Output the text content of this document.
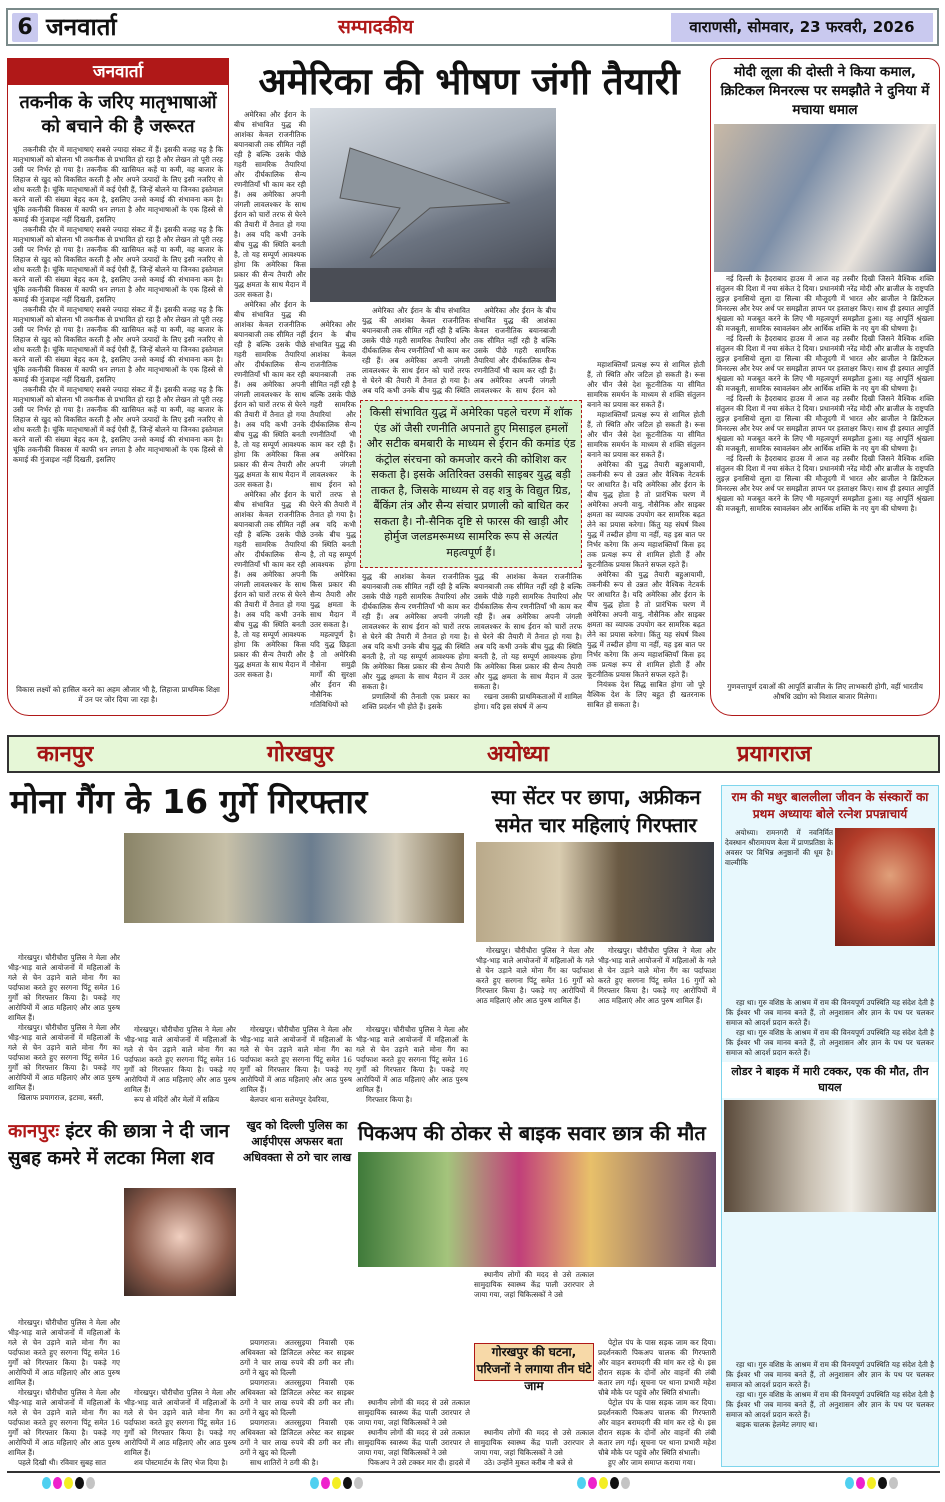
6 जनवार्ता	सम्पादकीय	वाराणसी, सोमवार, 23 फरवरी, 2026
जनवार्ता
तकनीक के जरिए मातृभाषाओं को बचाने की है जरूरत

तकनीकी दौर में मातृभाषाएं सबसे ज्यादा संकट में हैं। इसकी वजह यह है कि मातृभाषाओं को बोलना भी तकनीक से प्रभावित हो रहा है और लेखन तो पूरी तरह उसी पर निर्भर हो गया है। तकनीक की खासियत कहें या कमी, वह बाजार के लिहाज से खुद को विकसित करती है और अपने उत्पादों के लिए इसी नजरिए से शोध करती है। चूंकि मातृभाषाओं में कई ऐसी हैं, जिन्हें बोलने या जिनका इस्तेमाल करने वालों की संख्या बेहद कम है, इसलिए उनसे कमाई की संभावना कम है। चूंकि तकनीकी विकास में काफी धन लगता है और मातृभाषाओं के एक हिस्से से कमाई की गुंजाइश नहीं दिखती, इसलिए

तकनीकी दौर में मातृभाषाएं सबसे ज्यादा संकट में हैं। इसकी वजह यह है कि मातृभाषाओं को बोलना भी तकनीक से प्रभावित हो रहा है और लेखन तो पूरी तरह उसी पर निर्भर हो गया है। तकनीक की खासियत कहें या कमी, वह बाजार के लिहाज से खुद को विकसित करती है और अपने उत्पादों के लिए इसी नजरिए से शोध करती है। चूंकि मातृभाषाओं में कई ऐसी हैं, जिन्हें बोलने या जिनका इस्तेमाल करने वालों की संख्या बेहद कम है, इसलिए उनसे कमाई की संभावना कम है। चूंकि तकनीकी विकास में काफी धन लगता है और मातृभाषाओं के एक हिस्से से कमाई की गुंजाइश नहीं दिखती, इसलिए

तकनीकी दौर में मातृभाषाएं सबसे ज्यादा संकट में हैं। इसकी वजह यह है कि मातृभाषाओं को बोलना भी तकनीक से प्रभावित हो रहा है और लेखन तो पूरी तरह उसी पर निर्भर हो गया है। तकनीक की खासियत कहें या कमी, वह बाजार के लिहाज से खुद को विकसित करती है और अपने उत्पादों के लिए इसी नजरिए से शोध करती है। चूंकि मातृभाषाओं में कई ऐसी हैं, जिन्हें बोलने या जिनका इस्तेमाल करने वालों की संख्या बेहद कम है, इसलिए उनसे कमाई की संभावना कम है। चूंकि तकनीकी विकास में काफी धन लगता है और मातृभाषाओं के एक हिस्से से कमाई की गुंजाइश नहीं दिखती, इसलिए

तकनीकी दौर में मातृभाषाएं सबसे ज्यादा संकट में हैं। इसकी वजह यह है कि मातृभाषाओं को बोलना भी तकनीक से प्रभावित हो रहा है और लेखन तो पूरी तरह उसी पर निर्भर हो गया है। तकनीक की खासियत कहें या कमी, वह बाजार के लिहाज से खुद को विकसित करती है और अपने उत्पादों के लिए इसी नजरिए से शोध करती है। चूंकि मातृभाषाओं में कई ऐसी हैं, जिन्हें बोलने या जिनका इस्तेमाल करने वालों की संख्या बेहद कम है, इसलिए उनसे कमाई की संभावना कम है। चूंकि तकनीकी विकास में काफी धन लगता है और मातृभाषाओं के एक हिस्से से कमाई की गुंजाइश नहीं दिखती, इसलिए

विकास लक्ष्यों को हासिल करने का अहम औजार भी है, लिहाजा प्राथमिक शिक्षा में उन पर जोर दिया जा रहा है।
अमेरिका की भीषण जंगी तैयारी

अमेरिका और ईरान के बीच संभावित युद्ध की आशंका केवल राजनीतिक बयानबाजी तक सीमित नहीं रही है बल्कि उसके पीछे गहरी सामरिक तैयारियां और दीर्घकालिक सैन्य रणनीतियाँ भी काम कर रही हैं। अब अमेरिका अपनी जंगली लावलश्कर के साथ ईरान को चारों तरफ से घेरने की तैयारी में तैनात हो गया है। अब यदि कभी उनके बीच युद्ध की स्थिति बनती है, तो यह सम्पूर्ण आवश्यक होगा कि अमेरिका किस प्रकार की सैन्य तैयारी और युद्ध क्षमता के साथ मैदान में उतर सकता है।

अमेरिका और ईरान के बीच संभावित युद्ध की आशंका केवल राजनीतिक बयानबाजी तक सीमित नहीं रही है बल्कि उसके पीछे गहरी सामरिक तैयारियां और दीर्घकालिक सैन्य रणनीतियाँ भी काम कर रही हैं। अब अमेरिका अपनी जंगली लावलश्कर के साथ ईरान को चारों तरफ से घेरने की तैयारी में तैनात हो गया है। अब यदि कभी उनके बीच युद्ध की स्थिति बनती है, तो यह सम्पूर्ण आवश्यक होगा कि अमेरिका किस प्रकार की सैन्य तैयारी और युद्ध क्षमता के साथ मैदान में उतर सकता है।

अमेरिका और ईरान के बीच संभावित युद्ध की आशंका केवल राजनीतिक बयानबाजी तक सीमित नहीं रही है बल्कि उसके पीछे गहरी सामरिक तैयारियां और दीर्घकालिक सैन्य रणनीतियाँ भी काम कर रही हैं। अब अमेरिका अपनी जंगली लावलश्कर के साथ ईरान को चारों तरफ से घेरने की तैयारी में तैनात हो गया है। अब यदि कभी उनके बीच युद्ध की स्थिति बनती है, तो यह सम्पूर्ण आवश्यक होगा कि अमेरिका किस प्रकार की सैन्य तैयारी और युद्ध क्षमता के साथ मैदान में उतर सकता है।

अमेरिका और ईरान के बीच संभावित युद्ध की आशंका केवल राजनीतिक बयानबाजी तक सीमित नहीं रही है बल्कि उसके पीछे गहरी सामरिक तैयारियां और दीर्घकालिक सैन्य रणनीतियाँ भी काम कर रही हैं। अब अमेरिका अपनी जंगली लावलश्कर के साथ ईरान को चारों तरफ से घेरने की तैयारी में तैनात हो गया है। अब यदि कभी उनके बीच युद्ध की स्थिति बनती है, तो यह सम्पूर्ण आवश्यक होगा कि अमेरिका किस प्रकार की सैन्य तैयारी और युद्ध क्षमता के साथ मैदान में उतर सकता है।

महत्वपूर्ण है। यदि युद्ध छिड़ता है तो अमेरिकी नौसेना समुद्री मार्गों की सुरक्षा और ईरान की नौसैनिक गतिविधियों को

अमेरिका और ईरान के बीच संभावित युद्ध की आशंका केवल राजनीतिक बयानबाजी तक सीमित नहीं रही है बल्कि उसके पीछे गहरी सामरिक तैयारियां और दीर्घकालिक सैन्य रणनीतियाँ भी काम कर रही हैं। अब अमेरिका अपनी जंगली लावलश्कर के साथ ईरान को चारों तरफ से घेरने की तैयारी में तैनात हो गया है। अब यदि कभी उनके बीच युद्ध की स्थिति

अमेरिका और ईरान के बीच संभावित युद्ध की आशंका केवल राजनीतिक बयानबाजी तक सीमित नहीं रही है बल्कि उसके पीछे गहरी सामरिक तैयारियां और दीर्घकालिक सैन्य रणनीतियाँ भी काम कर रही हैं। अब अमेरिका अपनी जंगली लावलश्कर के साथ ईरान को

किसी संभावित युद्ध में अमेरिका पहले चरण में शॉक एंड ऑ जैसी रणनीति अपनाते हुए मिसाइल हमलों और सटीक बमबारी के माध्यम से ईरान की कमांड एंड कंट्रोल संरचना को कमजोर करने की कोशिश कर सकता है। इसके अतिरिक्त उसकी साइबर युद्ध बड़ी ताकत है, जिसके माध्यम से वह शत्रु के विद्युत ग्रिड, बैंकिंग तंत्र और सैन्य संचार प्रणाली को बाधित कर सकता है। नौ-सैनिक दृष्टि से फारस की खाड़ी और होर्मुज जलडमरूमध्य सामरिक रूप से अत्यंत महत्वपूर्ण हैं।

युद्ध की आशंका केवल राजनीतिक बयानबाजी तक सीमित नहीं रही है बल्कि उसके पीछे गहरी सामरिक तैयारियां और दीर्घकालिक सैन्य रणनीतियाँ भी काम कर रही हैं। अब अमेरिका अपनी जंगली लावलश्कर के साथ ईरान को चारों तरफ से घेरने की तैयारी में तैनात हो गया है। अब यदि कभी उनके बीच युद्ध की स्थिति बनती है, तो यह सम्पूर्ण आवश्यक होगा कि अमेरिका किस प्रकार की सैन्य तैयारी और युद्ध क्षमता के साथ मैदान में उतर सकता है।

प्रणालियों की तैनाती एक प्रकार का शक्ति प्रदर्शन भी होते हैं। इसके

युद्ध की आशंका केवल राजनीतिक बयानबाजी तक सीमित नहीं रही है बल्कि उसके पीछे गहरी सामरिक तैयारियां और दीर्घकालिक सैन्य रणनीतियाँ भी काम कर रही हैं। अब अमेरिका अपनी जंगली लावलश्कर के साथ ईरान को चारों तरफ से घेरने की तैयारी में तैनात हो गया है। अब यदि कभी उनके बीच युद्ध की स्थिति बनती है, तो यह सम्पूर्ण आवश्यक होगा कि अमेरिका किस प्रकार की सैन्य तैयारी और युद्ध क्षमता के साथ मैदान में उतर सकता है।

रखना उसकी प्राथमिकताओं में शामिल होगा। यदि इस संघर्ष में अन्य

महाशक्तियाँ प्रत्यक्ष रूप से शामिल होती हैं, तो स्थिति और जटिल हो सकती है। रूस और चीन जैसे देश कूटनीतिक या सीमित सामरिक समर्थन के माध्यम से शक्ति संतुलन बनाने का प्रयास कर सकते हैं।

महाशक्तियाँ प्रत्यक्ष रूप से शामिल होती हैं, तो स्थिति और जटिल हो सकती है। रूस और चीन जैसे देश कूटनीतिक या सीमित सामरिक समर्थन के माध्यम से शक्ति संतुलन बनाने का प्रयास कर सकते हैं।

अमेरिका की युद्ध तैयारी बहुआयामी, तकनीकी रूप से उन्नत और वैश्विक नेटवर्क पर आधारित है। यदि अमेरिका और ईरान के बीच युद्ध होता है तो प्रारंभिक चरण में अमेरिका अपनी वायु, नौसैनिक और साइबर क्षमता का व्यापक उपयोग कर सामरिक बढ़त लेने का प्रयास करेगा। किंतु यह संघर्ष विश्व युद्ध में तब्दील होगा या नहीं, यह इस बात पर निर्भर करेगा कि अन्य महाशक्तियाँ किस हद तक प्रत्यक्ष रूप से शामिल होती हैं और कूटनीतिक प्रयास कितने सफल रहते हैं।

अमेरिका की युद्ध तैयारी बहुआयामी, तकनीकी रूप से उन्नत और वैश्विक नेटवर्क पर आधारित है। यदि अमेरिका और ईरान के बीच युद्ध होता है तो प्रारंभिक चरण में अमेरिका अपनी वायु, नौसैनिक और साइबर क्षमता का व्यापक उपयोग कर सामरिक बढ़त लेने का प्रयास करेगा। किंतु यह संघर्ष विश्व युद्ध में तब्दील होगा या नहीं, यह इस बात पर निर्भर करेगा कि अन्य महाशक्तियाँ किस हद तक प्रत्यक्ष रूप से शामिल होती हैं और कूटनीतिक प्रयास कितने सफल रहते हैं।

नियंत्रक देश सिद्ध साबित होगा जो पूरे वैश्विक देश के लिए बहुत ही खतरनाक साबित हो सकता है।

मोदी लूला की दोस्ती ने किया कमाल, क्रिटिकल मिनरल्स पर समझौते ने दुनिया में मचाया धमाल

नई दिल्ली के हैदराबाद हाउस में आज वह तस्वीर दिखी जिसने वैश्विक शक्ति संतुलन की दिशा में नया संकेत दे दिया। प्रधानमंत्री नरेंद्र मोदी और ब्राजील के राष्ट्रपति लुइज़ इनासियो लूला दा सिल्वा की मौजूदगी में भारत और ब्राजील ने क्रिटिकल मिनरल्स और रेयर अर्थ पर समझौता ज्ञापन पर हस्ताक्षर किए। साथ ही इस्पात आपूर्ति श्रृंखला को मजबूत करने के लिए भी महत्वपूर्ण समझौता हुआ। यह आपूर्ति श्रृंखला की मजबूती, सामरिक स्वावलंबन और आर्थिक शक्ति के नए युग की घोषणा है।

नई दिल्ली के हैदराबाद हाउस में आज वह तस्वीर दिखी जिसने वैश्विक शक्ति संतुलन की दिशा में नया संकेत दे दिया। प्रधानमंत्री नरेंद्र मोदी और ब्राजील के राष्ट्रपति लुइज़ इनासियो लूला दा सिल्वा की मौजूदगी में भारत और ब्राजील ने क्रिटिकल मिनरल्स और रेयर अर्थ पर समझौता ज्ञापन पर हस्ताक्षर किए। साथ ही इस्पात आपूर्ति श्रृंखला को मजबूत करने के लिए भी महत्वपूर्ण समझौता हुआ। यह आपूर्ति श्रृंखला की मजबूती, सामरिक स्वावलंबन और आर्थिक शक्ति के नए युग की घोषणा है।

नई दिल्ली के हैदराबाद हाउस में आज वह तस्वीर दिखी जिसने वैश्विक शक्ति संतुलन की दिशा में नया संकेत दे दिया। प्रधानमंत्री नरेंद्र मोदी और ब्राजील के राष्ट्रपति लुइज़ इनासियो लूला दा सिल्वा की मौजूदगी में भारत और ब्राजील ने क्रिटिकल मिनरल्स और रेयर अर्थ पर समझौता ज्ञापन पर हस्ताक्षर किए। साथ ही इस्पात आपूर्ति श्रृंखला को मजबूत करने के लिए भी महत्वपूर्ण समझौता हुआ। यह आपूर्ति श्रृंखला की मजबूती, सामरिक स्वावलंबन और आर्थिक शक्ति के नए युग की घोषणा है।

नई दिल्ली के हैदराबाद हाउस में आज वह तस्वीर दिखी जिसने वैश्विक शक्ति संतुलन की दिशा में नया संकेत दे दिया। प्रधानमंत्री नरेंद्र मोदी और ब्राजील के राष्ट्रपति लुइज़ इनासियो लूला दा सिल्वा की मौजूदगी में भारत और ब्राजील ने क्रिटिकल मिनरल्स और रेयर अर्थ पर समझौता ज्ञापन पर हस्ताक्षर किए। साथ ही इस्पात आपूर्ति श्रृंखला को मजबूत करने के लिए भी महत्वपूर्ण समझौता हुआ। यह आपूर्ति श्रृंखला की मजबूती, सामरिक स्वावलंबन और आर्थिक शक्ति के नए युग की घोषणा है।

गुणवत्तापूर्ण दवाओं की आपूर्ति ब्राजील के लिए लाभकारी होगी, वहीं भारतीय औषधि उद्योग को विशाल बाजार मिलेगा।
कानपुर	गोरखपुर	अयोध्या	प्रयागराज
मोना गैंग के 16 गुर्गे गिरफ्तार

गोरखपुर। चौरीचौरा पुलिस ने मेला और भीड़-भाड़ वाले आयोजनों में महिलाओं के गले से चेन उड़ाने वाले मोना गैंग का पर्दाफाश करते हुए सरगना पिंटू समेत 16 गुर्गों को गिरफ्तार किया है। पकड़े गए आरोपियों में आठ महिलाएं और आठ पुरुष शामिल हैं।

गोरखपुर। चौरीचौरा पुलिस ने मेला और भीड़-भाड़ वाले आयोजनों में महिलाओं के गले से चेन उड़ाने वाले मोना गैंग का पर्दाफाश करते हुए सरगना पिंटू समेत 16 गुर्गों को गिरफ्तार किया है। पकड़े गए आरोपियों में आठ महिलाएं और आठ पुरुष शामिल हैं।

खिलाफ प्रयागराज, इटावा, बस्ती,

गोरखपुर। चौरीचौरा पुलिस ने मेला और भीड़-भाड़ वाले आयोजनों में महिलाओं के गले से चेन उड़ाने वाले मोना गैंग का पर्दाफाश करते हुए सरगना पिंटू समेत 16 गुर्गों को गिरफ्तार किया है। पकड़े गए आरोपियों में आठ महिलाएं और आठ पुरुष शामिल हैं।

रूप से मंदिरों और मेलों में सक्रिय

गोरखपुर। चौरीचौरा पुलिस ने मेला और भीड़-भाड़ वाले आयोजनों में महिलाओं के गले से चेन उड़ाने वाले मोना गैंग का पर्दाफाश करते हुए सरगना पिंटू समेत 16 गुर्गों को गिरफ्तार किया है। पकड़े गए आरोपियों में आठ महिलाएं और आठ पुरुष शामिल हैं।

बेलपार थाना सलेमपुर देवरिया,

गोरखपुर। चौरीचौरा पुलिस ने मेला और भीड़-भाड़ वाले आयोजनों में महिलाओं के गले से चेन उड़ाने वाले मोना गैंग का पर्दाफाश करते हुए सरगना पिंटू समेत 16 गुर्गों को गिरफ्तार किया है। पकड़े गए आरोपियों में आठ महिलाएं और आठ पुरुष शामिल हैं।

गिरफ्तार किया है।

स्पा सेंटर पर छापा, अफ्रीकन समेत चार महिलाएं गिरफ्तार

गोरखपुर। चौरीचौरा पुलिस ने मेला और भीड़-भाड़ वाले आयोजनों में महिलाओं के गले से चेन उड़ाने वाले मोना गैंग का पर्दाफाश करते हुए सरगना पिंटू समेत 16 गुर्गों को गिरफ्तार किया है। पकड़े गए आरोपियों में आठ महिलाएं और आठ पुरुष शामिल हैं।

गोरखपुर। चौरीचौरा पुलिस ने मेला और भीड़-भाड़ वाले आयोजनों में महिलाओं के गले से चेन उड़ाने वाले मोना गैंग का पर्दाफाश करते हुए सरगना पिंटू समेत 16 गुर्गों को गिरफ्तार किया है। पकड़े गए आरोपियों में आठ महिलाएं और आठ पुरुष शामिल हैं।

राम की मधुर बाललीला जीवन के संस्कारों का प्रथम अध्यायः बोले रत्नेश प्रपन्नाचार्य

अयोध्या। रामनगरी में नवनिर्मित देवस्थान श्रीरामायण बेला में प्राणप्रतिष्ठा के अवसर पर विभिन्न अनुष्ठानों की धूम है। वाल्मीकि

रहा था। गुरु वशिष्ठ के आश्रम में राम की विनयपूर्ण उपस्थिति यह संदेश देती है कि ईश्वर भी जब मानव बनते हैं, तो अनुशासन और ज्ञान के पथ पर चलकर समाज को आदर्श प्रदान करते हैं।

रहा था। गुरु वशिष्ठ के आश्रम में राम की विनयपूर्ण उपस्थिति यह संदेश देती है कि ईश्वर भी जब मानव बनते हैं, तो अनुशासन और ज्ञान के पथ पर चलकर समाज को आदर्श प्रदान करते हैं।

लोडर ने बाइक में मारी टक्कर, एक की मौत, तीन घायल

रहा था। गुरु वशिष्ठ के आश्रम में राम की विनयपूर्ण उपस्थिति यह संदेश देती है कि ईश्वर भी जब मानव बनते हैं, तो अनुशासन और ज्ञान के पथ पर चलकर समाज को आदर्श प्रदान करते हैं।

रहा था। गुरु वशिष्ठ के आश्रम में राम की विनयपूर्ण उपस्थिति यह संदेश देती है कि ईश्वर भी जब मानव बनते हैं, तो अनुशासन और ज्ञान के पथ पर चलकर समाज को आदर्श प्रदान करते हैं।

बाइक चालक हेलमेट लगाए था।

कानपुरः इंटर की छात्रा ने दी जान सुबह कमरे में लटका मिला शव

गोरखपुर। चौरीचौरा पुलिस ने मेला और भीड़-भाड़ वाले आयोजनों में महिलाओं के गले से चेन उड़ाने वाले मोना गैंग का पर्दाफाश करते हुए सरगना पिंटू समेत 16 गुर्गों को गिरफ्तार किया है। पकड़े गए आरोपियों में आठ महिलाएं और आठ पुरुष शामिल हैं।

गोरखपुर। चौरीचौरा पुलिस ने मेला और भीड़-भाड़ वाले आयोजनों में महिलाओं के गले से चेन उड़ाने वाले मोना गैंग का पर्दाफाश करते हुए सरगना पिंटू समेत 16 गुर्गों को गिरफ्तार किया है। पकड़े गए आरोपियों में आठ महिलाएं और आठ पुरुष शामिल हैं।

पहले दिखी थी। रविवार सुबह सात

गोरखपुर। चौरीचौरा पुलिस ने मेला और भीड़-भाड़ वाले आयोजनों में महिलाओं के गले से चेन उड़ाने वाले मोना गैंग का पर्दाफाश करते हुए सरगना पिंटू समेत 16 गुर्गों को गिरफ्तार किया है। पकड़े गए आरोपियों में आठ महिलाएं और आठ पुरुष शामिल हैं।

शव पोस्टमार्टम के लिए भेज दिया है।

खुद को दिल्ली पुलिस का आईपीएस अफसर बता अधिवक्ता से ठगे चार लाख

प्रयागराज। अतरसुइया निवासी एक अधिवक्ता को डिजिटल अरेस्ट कर साइबर ठगों ने चार लाख रुपये की ठगी कर ली। ठगों ने खुद को दिल्ली

प्रयागराज। अतरसुइया निवासी एक अधिवक्ता को डिजिटल अरेस्ट कर साइबर ठगों ने चार लाख रुपये की ठगी कर ली। ठगों ने खुद को दिल्ली

प्रयागराज। अतरसुइया निवासी एक अधिवक्ता को डिजिटल अरेस्ट कर साइबर ठगों ने चार लाख रुपये की ठगी कर ली। ठगों ने खुद को दिल्ली

साथ शातिरों ने ठगी की है।

पिकअप की ठोकर से बाइक सवार छात्र की मौत

स्थानीय लोगों की मदद से उसे तत्काल सामुदायिक स्वास्थ्य केंद्र पाली उरारपार ले जाया गया, जहां चिकित्सकों ने उसे

स्थानीय लोगों की मदद से उसे तत्काल सामुदायिक स्वास्थ्य केंद्र पाली उरारपार ले जाया गया, जहां चिकित्सकों ने उसे

पिकअप ने उसे टक्कर मार दी। हादसे में

स्थानीय लोगों की मदद से उसे तत्काल सामुदायिक स्वास्थ्य केंद्र पाली उरारपार ले जाया गया, जहां चिकित्सकों ने उसे

गोरखपुर की घटना, परिजनों ने लगाया तीन घंटे जाम

स्थानीय लोगों की मदद से उसे तत्काल सामुदायिक स्वास्थ्य केंद्र पाली उरारपार ले जाया गया, जहां चिकित्सकों ने उसे

उठे। उन्होंने मुकत करीब नौ बजे से

पेट्रोल पंप के पास सड़क जाम कर दिया। प्रदर्शनकारी पिकअप चालक की गिरफ्तारी और वाहन बरामदगी की मांग कर रहे थे। इस दौरान सड़क के दोनों ओर वाहनों की लंबी कतार लग गई। सूचना पर थाना प्रभारी महेश चौबे मौके पर पहुंचे और स्थिति संभाली।

पेट्रोल पंप के पास सड़क जाम कर दिया। प्रदर्शनकारी पिकअप चालक की गिरफ्तारी और वाहन बरामदगी की मांग कर रहे थे। इस दौरान सड़क के दोनों ओर वाहनों की लंबी कतार लग गई। सूचना पर थाना प्रभारी महेश चौबे मौके पर पहुंचे और स्थिति संभाली।

हुए और जाम समाप्त कराया गया।
